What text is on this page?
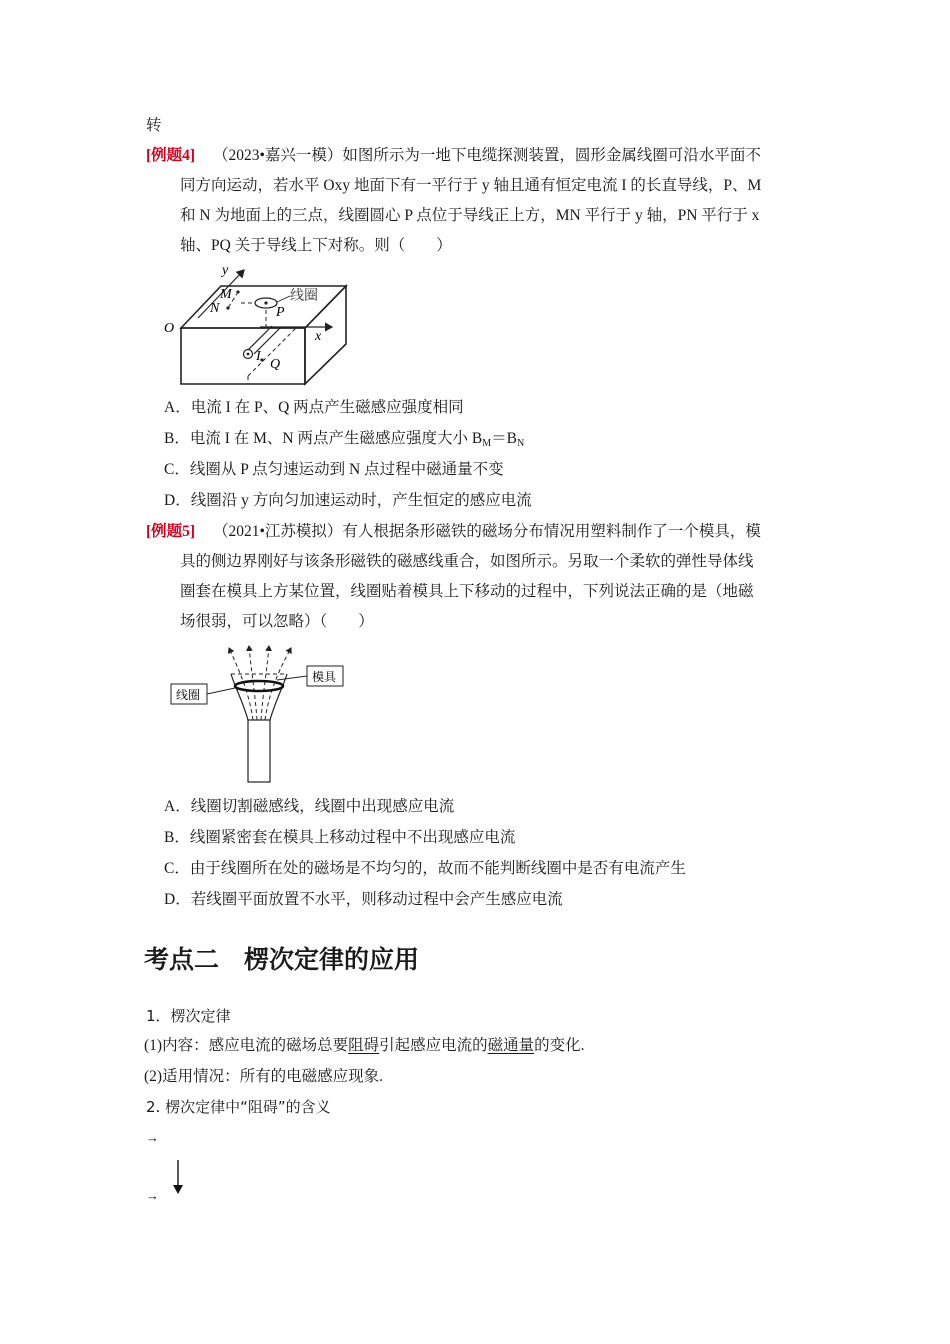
转
[例题4] （2023•嘉兴一模）如图所示为一地下电缆探测装置，圆形金属线圈可沿水平面不
同方向运动，若水平 Oxy 地面下有一平行于 y 轴且通有恒定电流 I 的长直导线，P、M
和 N 为地面上的三点，线圈圆心 P 点位于导线正上方，MN 平行于 y 轴，PN 平行于 x
轴、PQ 关于导线上下对称。则（　　）
y
x
O
M
N	P
I
Q
线圈
A．电流 I 在 P、Q 两点产生磁感应强度相同
B．电流 I 在 M、N 两点产生磁感应强度大小 $B_M=B_N$
C．线圈从 P 点匀速运动到 N 点过程中磁通量不变
D．线圈沿 y 方向匀加速运动时，产生恒定的感应电流
[例题5] （2021•江苏模拟）有人根据条形磁铁的磁场分布情况用塑料制作了一个模具，模
具的侧边界刚好与该条形磁铁的磁感线重合，如图所示。另取一个柔软的弹性导体线
圈套在模具上方某位置，线圈贴着模具上下移动的过程中，下列说法正确的是（地磁
场很弱，可以忽略）（　　）
模具
线圈
A．线圈切割磁感线，线圈中出现感应电流
B．线圈紧密套在模具上移动过程中不出现感应电流
C．由于线圈所在处的磁场是不均匀的，故而不能判断线圈中是否有电流产生
D．若线圈平面放置不水平，则移动过程中会产生感应电流
考点二　楞次定律的应用
1．楞次定律
(1)内容：感应电流的磁场总要阻碍引起感应电流的磁通量的变化.
(2)适用情况：所有的电磁感应现象.
2. 楞次定律中“阻碍”的含义
→
→
